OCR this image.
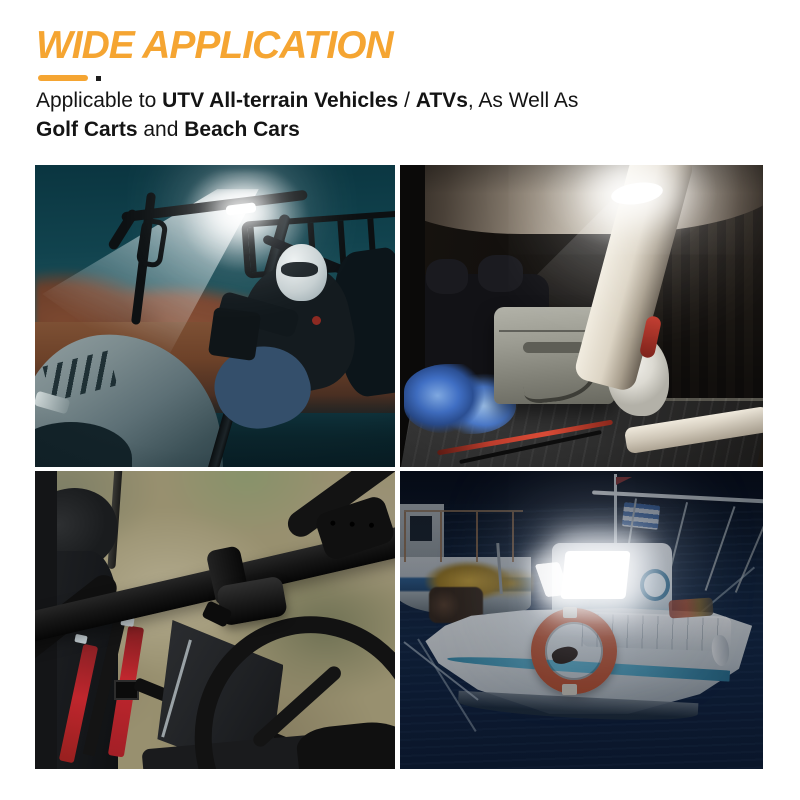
WIDE APPLICATION

Applicable to UTV All-terrain Vehicles / ATVs, As Well As
Golf Carts and Beach Cars
